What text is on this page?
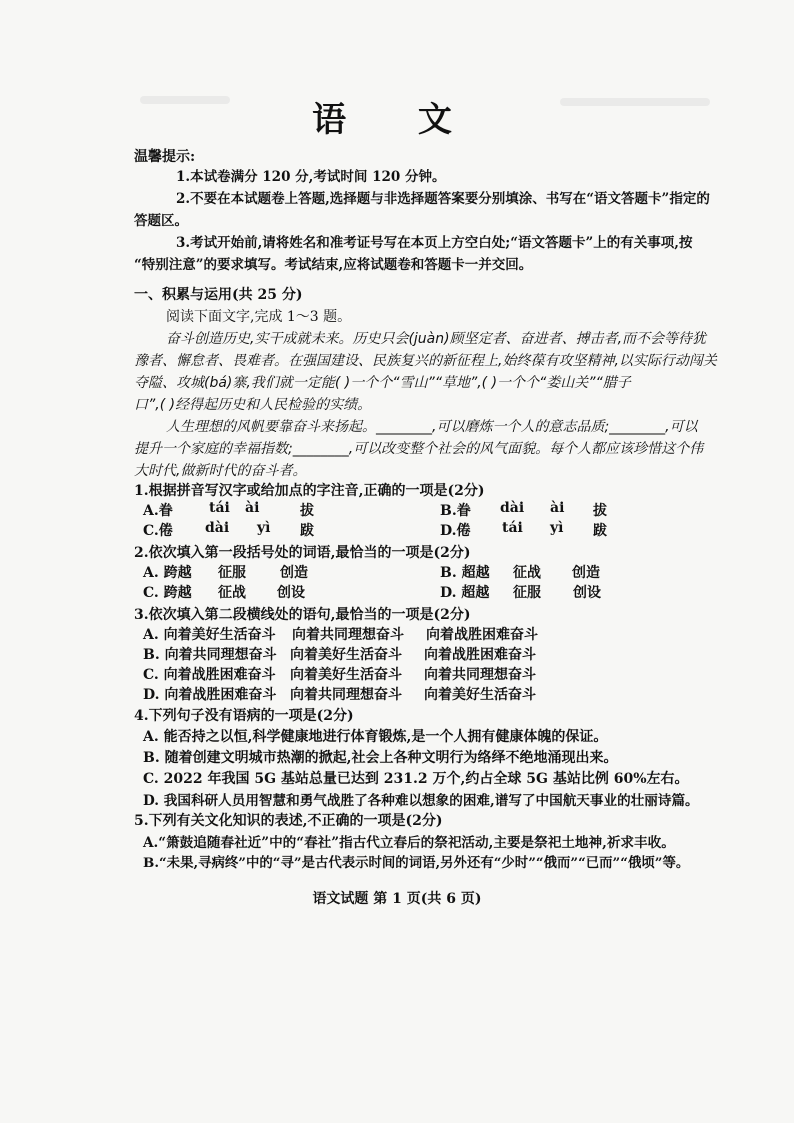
语 文
温馨提示:
1.本试卷满分 120 分,考试时间 120 分钟。
2.不要在本试题卷上答题,选择题与非选择题答案要分别填涂、书写在“语文答题卡”指定的
答题区。
3.考试开始前,请将姓名和准考证号写在本页上方空白处;“语文答题卡”上的有关事项,按
“特别注意”的要求填写。考试结束,应将试题卷和答题卡一并交回。
一、积累与运用(共 25 分)
阅读下面文字,完成 1～3 题。
奋斗创造历史,实干成就未来。历史只会(juàn)顾坚定者、奋进者、搏击者,而不会等待犹
豫者、懈怠者、畏难者。在强国建设、民族复兴的新征程上,始终葆有攻坚精神,以实际行动闯关
夺隘、攻城(bá)寨,我们就一定能( )一个个“雪山”“草地”,( )一个个“娄山关”“腊子
口”,( )经得起历史和人民检验的实绩。
人生理想的风帆要靠奋斗来扬起。________,可以磨炼一个人的意志品质;________,可以
提升一个家庭的幸福指数;________,可以改变整个社会的风气面貌。每个人都应该珍惜这个伟
大时代,做新时代的奋斗者。
1.根据拼音写汉字或给加点的字注音,正确的一项是(2分)
A.眷	tái ài	拔	B.眷 dài ài 拔
C.倦 dài yì 跋	D.倦 tái yì 跋
2.依次填入第一段括号处的词语,最恰当的一项是(2分)
A. 跨越 征服 创造	B. 超越 征战 创造
C. 跨越 征战 创设	D. 超越 征服 创设
3.依次填入第二段横线处的语句,最恰当的一项是(2分)
A. 向着美好生活奋斗 向着共同理想奋斗 向着战胜困难奋斗
B. 向着共同理想奋斗 向着美好生活奋斗 向着战胜困难奋斗
C. 向着战胜困难奋斗 向着美好生活奋斗 向着共同理想奋斗
D. 向着战胜困难奋斗 向着共同理想奋斗 向着美好生活奋斗
4.下列句子没有语病的一项是(2分)
A. 能否持之以恒,科学健康地进行体育锻炼,是一个人拥有健康体魄的保证。
B. 随着创建文明城市热潮的掀起,社会上各种文明行为络绎不绝地涌现出来。
C. 2022 年我国 5G 基站总量已达到 231.2 万个,约占全球 5G 基站比例 60%左右。
D. 我国科研人员用智慧和勇气战胜了各种难以想象的困难,谱写了中国航天事业的壮丽诗篇。
5.下列有关文化知识的表述,不正确的一项是(2分)
A.“箫鼓追随春社近”中的“春社”指古代立春后的祭祀活动,主要是祭祀土地神,祈求丰收。
B.“未果,寻病终”中的“寻”是古代表示时间的词语,另外还有“少时”“俄而”“已而”“俄顷”等。
语文试题 第 1 页(共 6 页)
